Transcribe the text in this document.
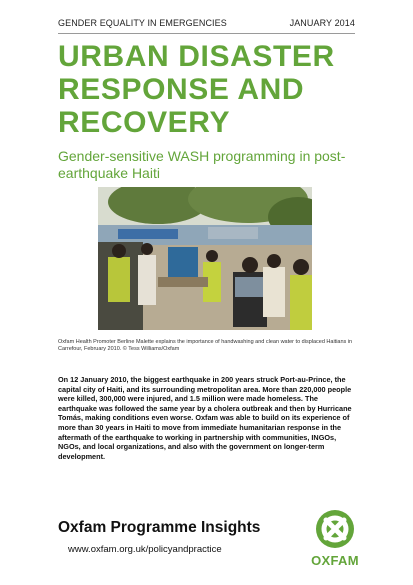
GENDER EQUALITY IN EMERGENCIES	JANUARY 2014
URBAN DISASTER
RESPONSE AND
RECOVERY
Gender-sensitive WASH programming in post-earthquake Haiti
Oxfam Health Promoter Berline Malette explains the importance of handwashing and clean water to displaced Haitians in Carrefour, February 2010. © Tess Williams/Oxfam
On 12 January 2010, the biggest earthquake in 200 years struck Port-au-Prince, the capital city of Haiti, and its surrounding metropolitan area. More than 220,000 people were killed, 300,000 were injured, and 1.5 million were made homeless. The earthquake was followed the same year by a cholera outbreak and then by Hurricane Tomás, making conditions even worse. Oxfam was able to build on its experience of more than 30 years in Haiti to move from immediate humanitarian response in the aftermath of the earthquake to working in partnership with communities, INGOs, NGOs, and local organizations, and also with the government on longer-term development.
Oxfam Programme Insights
www.oxfam.org.uk/policyandpractice
OXFAM
